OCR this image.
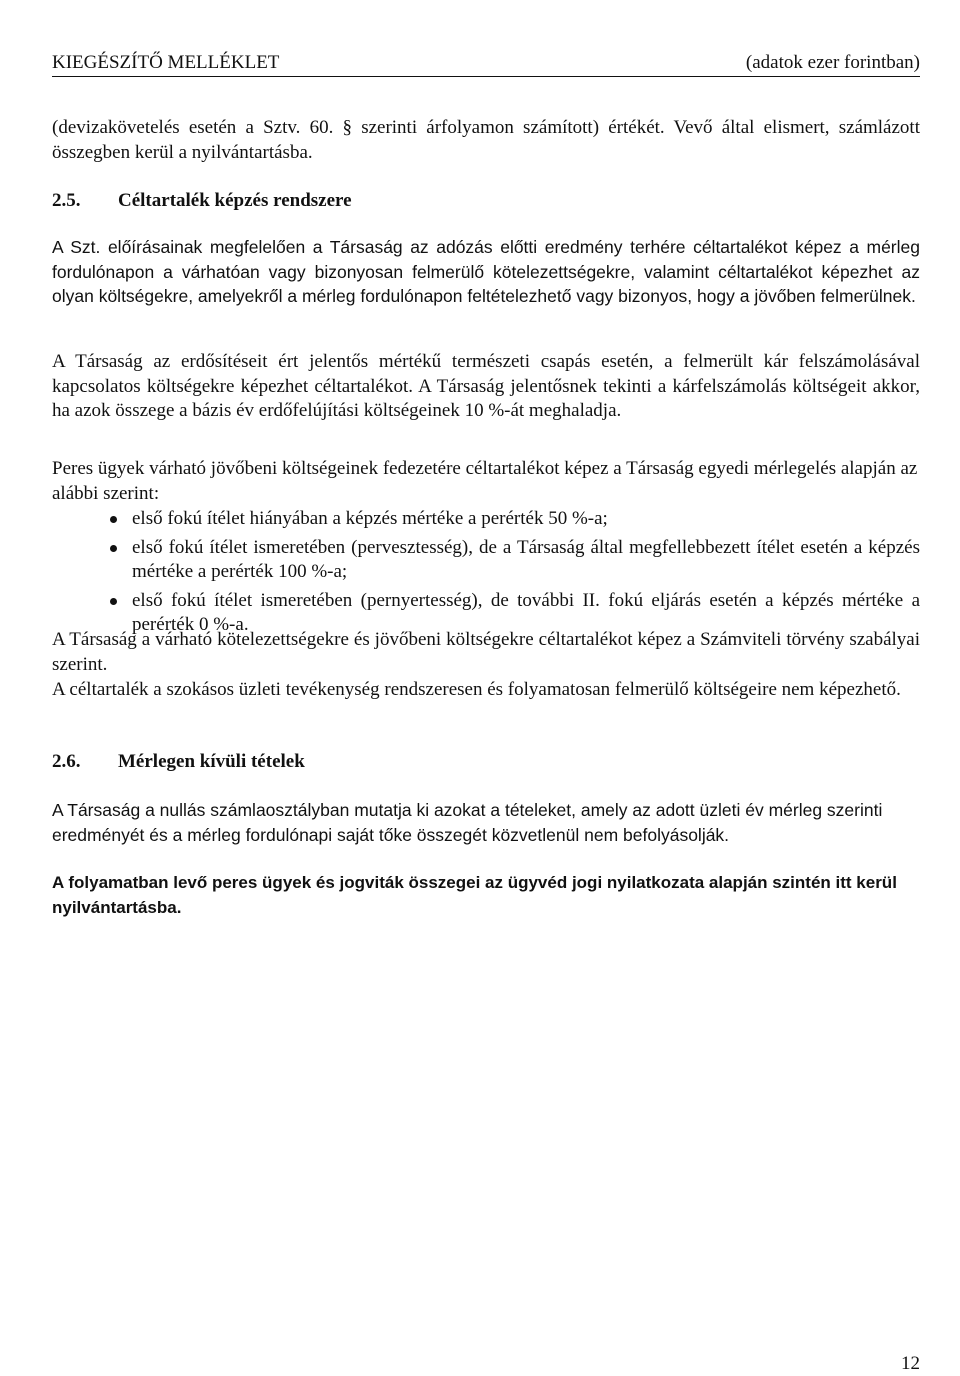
KIEGÉSZÍTŐ MELLÉKLET	(adatok ezer forintban)

(devizakövetelés esetén a Sztv. 60. § szerinti árfolyamon számított) értékét. Vevő által elismert, számlázott összegben kerül a nyilvántartásba.

2.5.	Céltartalék képzés rendszere

A Szt. előírásainak megfelelően a Társaság az adózás előtti eredmény terhére céltartalékot képez a mérleg fordulónapon a várhatóan vagy bizonyosan felmerülő kötelezettségekre, valamint céltartalékot képezhet az olyan költségekre, amelyekről a mérleg fordulónapon feltételezhető vagy bizonyos, hogy a jövőben felmerülnek.

A Társaság az erdősítéseit ért jelentős mértékű természeti csapás esetén, a felmerült kár felszámolásával kapcsolatos költségekre képezhet céltartalékot. A Társaság jelentősnek tekinti a kárfelszámolás költségeit akkor, ha azok összege a bázis év erdőfelújítási költségeinek 10 %-át meghaladja.

Peres ügyek várható jövőbeni költségeinek fedezetére céltartalékot képez a Társaság egyedi mérlegelés alapján az alábbi szerint:

első fokú ítélet hiányában a képzés mértéke a perérték 50 %-a;
első fokú ítélet ismeretében (pervesztesség), de a Társaság által megfellebbezett ítélet esetén a képzés mértéke a perérték 100 %-a;
első fokú ítélet ismeretében (pernyertesség), de további II. fokú eljárás esetén a képzés mértéke a perérték 0 %-a.

A Társaság a várható kötelezettségekre és jövőbeni költségekre céltartalékot képez a Számviteli törvény szabályai szerint.

A céltartalék a szokásos üzleti tevékenység rendszeresen és folyamatosan felmerülő költségeire nem képezhető.

2.6.	Mérlegen kívüli tételek

A Társaság a nullás számlaosztályban mutatja ki azokat a tételeket, amely az adott üzleti év mérleg szerinti eredményét és a mérleg fordulónapi saját tőke összegét közvetlenül nem befolyásolják.

A folyamatban levő peres ügyek és jogviták összegei az ügyvéd jogi nyilatkozata alapján szintén itt kerül nyilvántartásba.

12
